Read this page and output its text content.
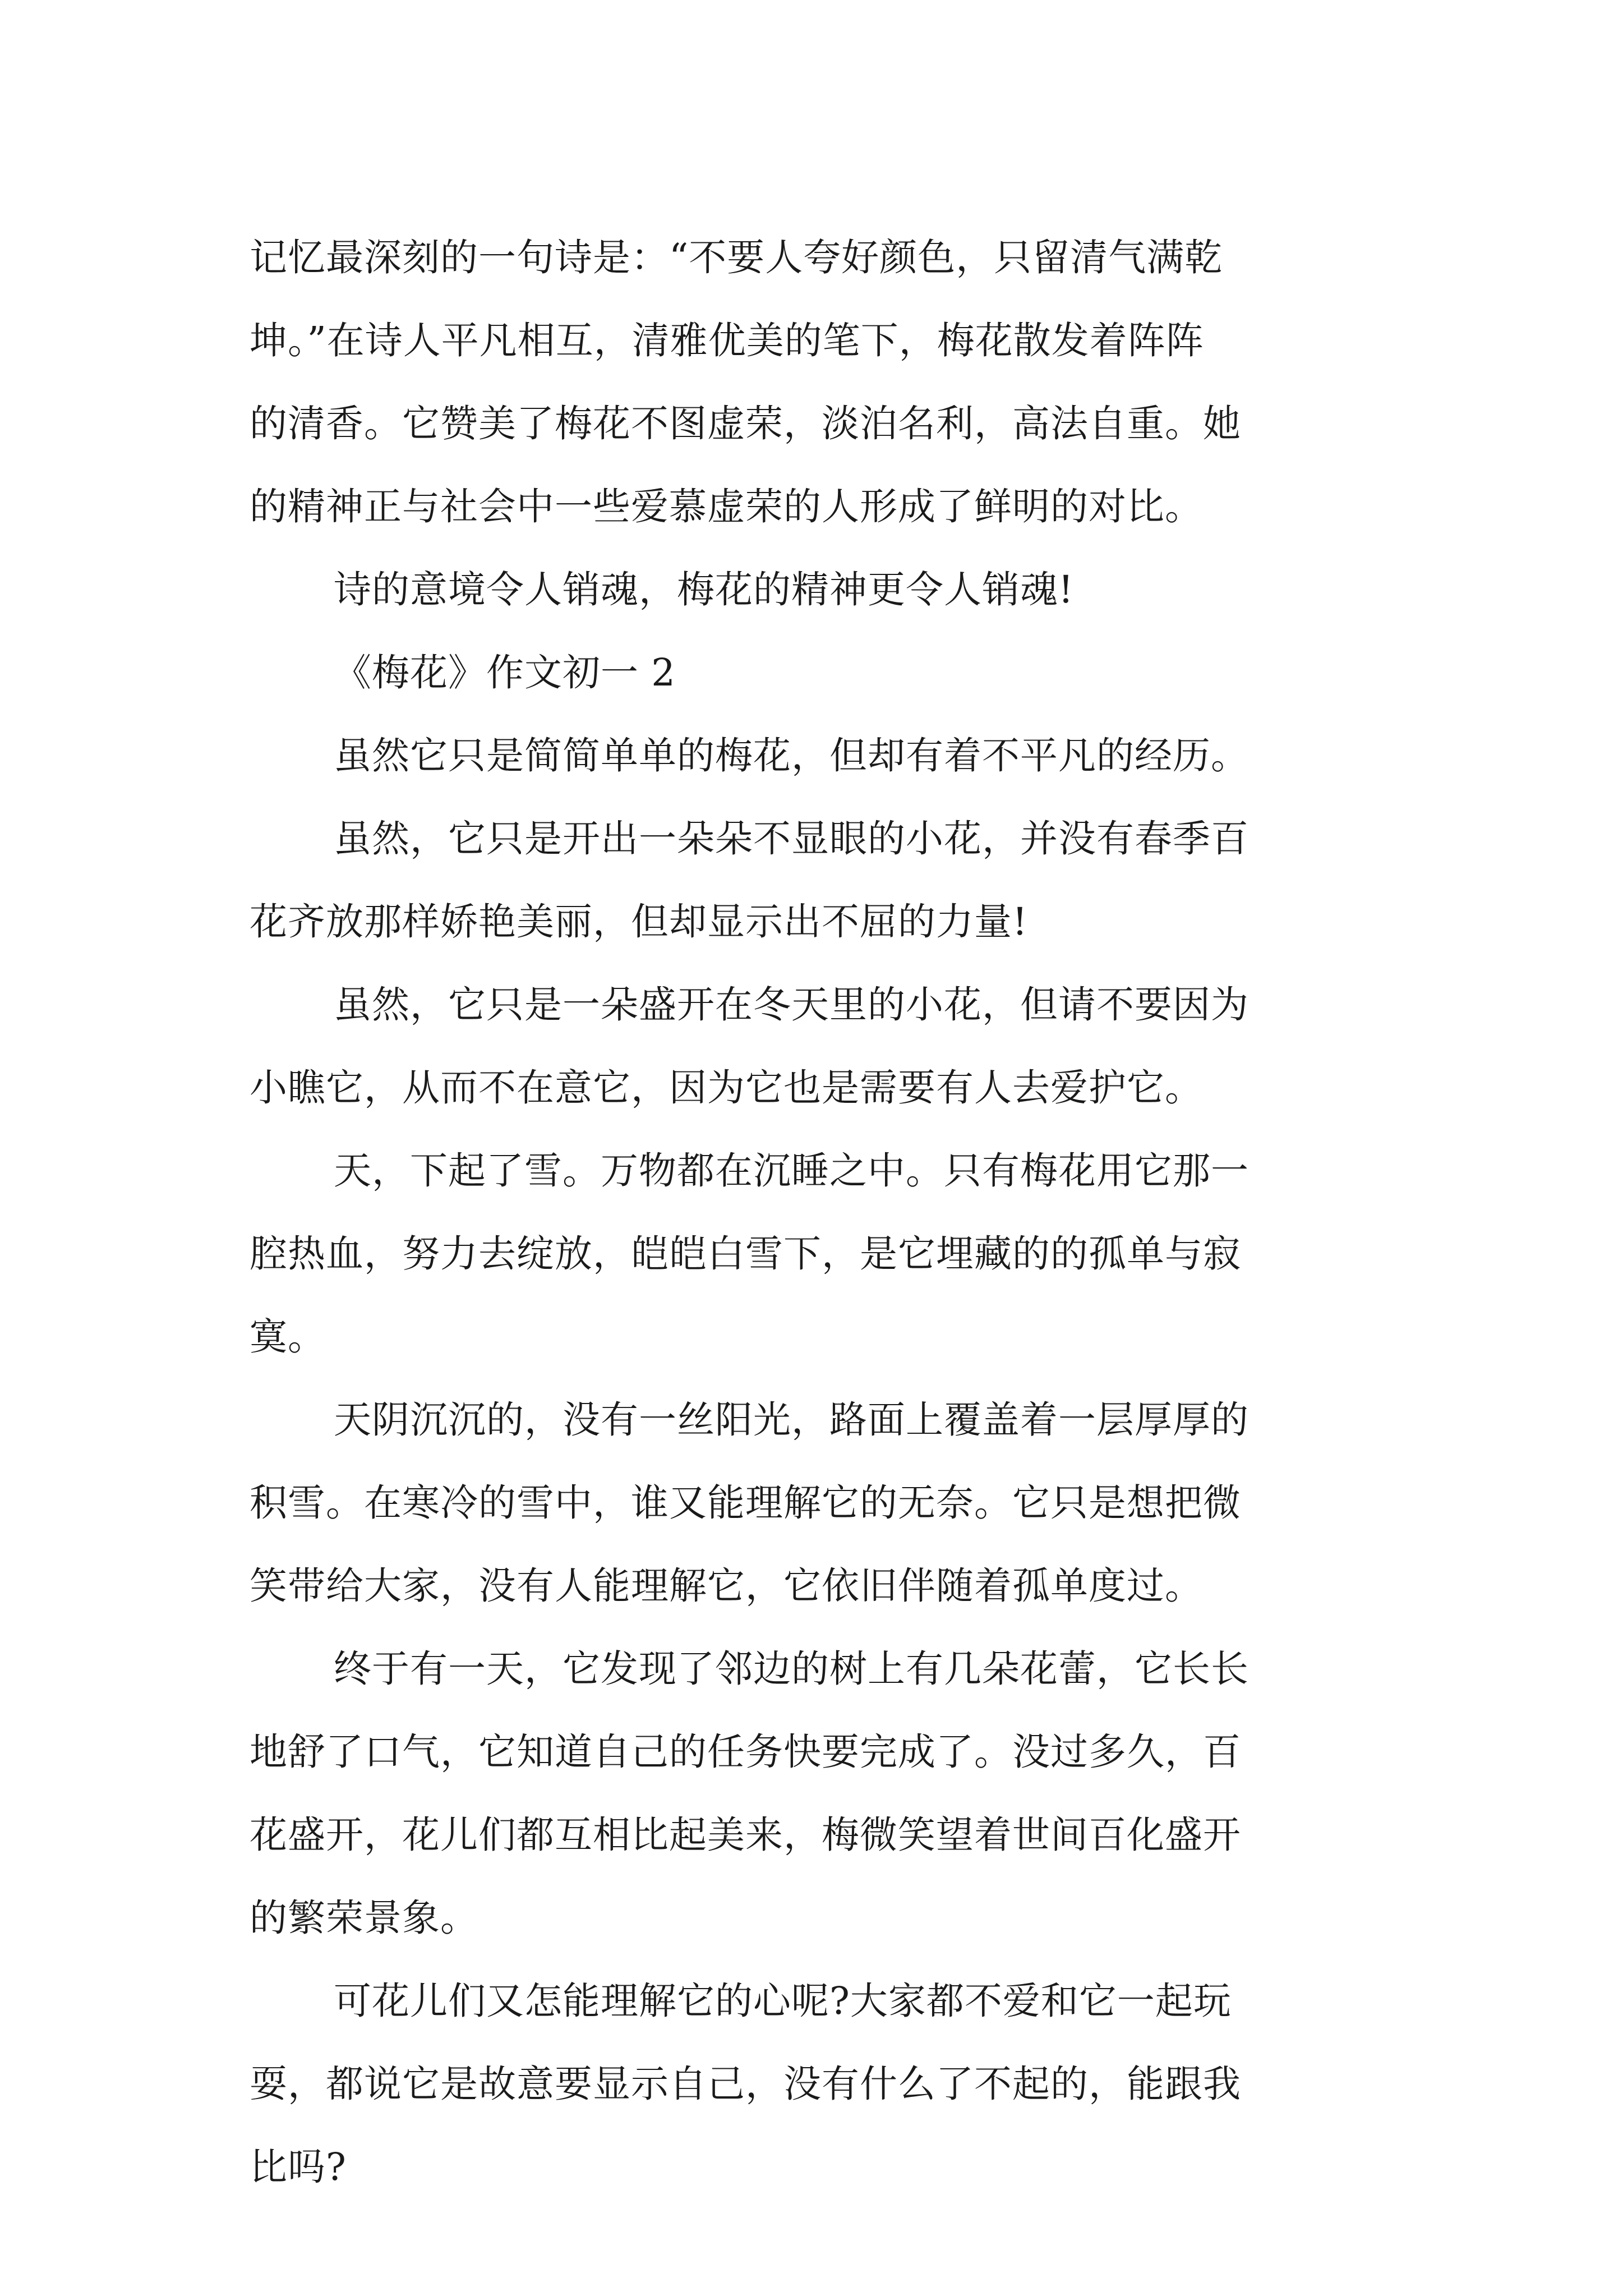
记忆最深刻的一句诗是：“不要人夸好颜色，只留清气满乾
坤。”在诗人平凡相互，清雅优美的笔下，梅花散发着阵阵
的清香。它赞美了梅花不图虚荣，淡泊名利，高法自重。她
的精神正与社会中一些爱慕虚荣的人形成了鲜明的对比。
诗的意境令人销魂，梅花的精神更令人销魂!
《梅花》作文初一 2
虽然它只是简简单单的梅花，但却有着不平凡的经历。
虽然，它只是开出一朵朵不显眼的小花，并没有春季百
花齐放那样娇艳美丽，但却显示出不屈的力量!
虽然，它只是一朵盛开在冬天里的小花，但请不要因为
小瞧它，从而不在意它，因为它也是需要有人去爱护它。
天，下起了雪。万物都在沉睡之中。只有梅花用它那一
腔热血，努力去绽放，皑皑白雪下，是它埋藏的的孤单与寂
寞。
天阴沉沉的，没有一丝阳光，路面上覆盖着一层厚厚的
积雪。在寒冷的雪中，谁又能理解它的无奈。它只是想把微
笑带给大家，没有人能理解它，它依旧伴随着孤单度过。
终于有一天，它发现了邻边的树上有几朵花蕾，它长长
地舒了口气，它知道自己的任务快要完成了。没过多久，百
花盛开，花儿们都互相比起美来，梅微笑望着世间百化盛开
的繁荣景象。
可花儿们又怎能理解它的心呢?大家都不爱和它一起玩
耍，都说它是故意要显示自己，没有什么了不起的，能跟我
比吗?
